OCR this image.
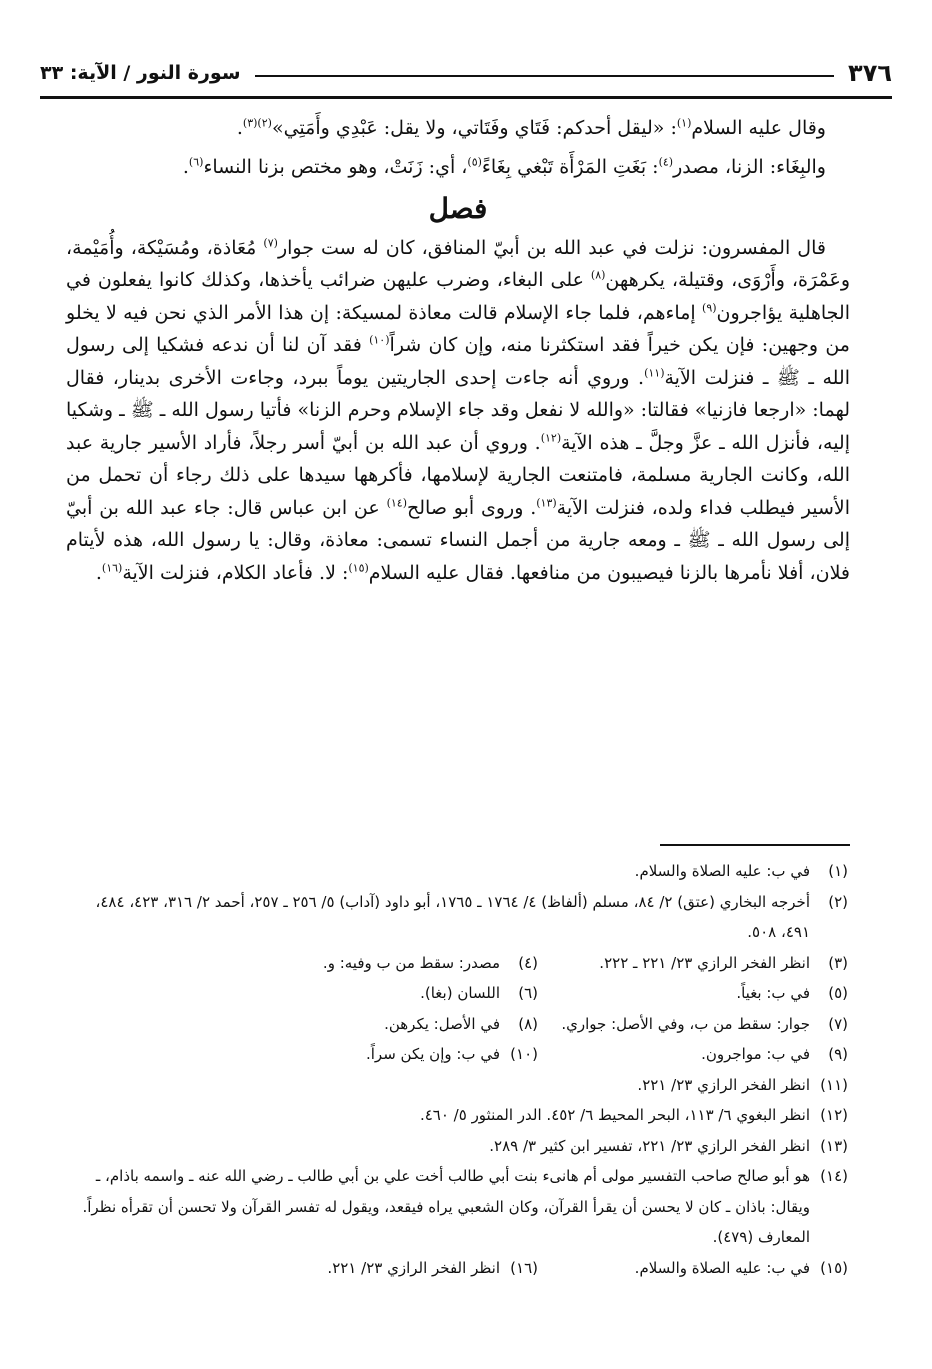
٣٧٦
سورة النور / الآية: ٣٣

وقال عليه السلام$^{(١)}$: «ليقل أحدكم: فَتَاي وفَتَاتي، ولا يقل: عَبْدِي وأَمَتِي»$^{(٢)(٣)}$.

والبِغَاء: الزنا، مصدر$^{(٤)}$: بَغَتِ المَرْأَة تَبْغي بِغَاءً$^{(٥)}$، أي: زَنَتْ، وهو مختص بزنا النساء$^{(٦)}$.

فصل

قال المفسرون: نزلت في عبد الله بن أبيّ المنافق، كان له ست جوار$^{(٧)}$ مُعَاذة، ومُسَيْكة، وأُمَيْمة، وعَمْرَة، وأَرْوَى، وقتيلة، يكرههن$^{(٨)}$ على البغاء، وضرب عليهن ضرائب يأخذها، وكذلك كانوا يفعلون في الجاهلية يؤاجرون$^{(٩)}$ إماءهم، فلما جاء الإسلام قالت معاذة لمسيكة: إن هذا الأمر الذي نحن فيه لا يخلو من وجهين: فإن يكن خيراً فقد استكثرنا منه، وإن كان شراً$^{(١٠)}$ فقد آن لنا أن ندعه فشكيا إلى رسول الله ـ ﷺ ـ فنزلت الآية$^{(١١)}$. وروي أنه جاءت إحدى الجاريتين يوماً ببرد، وجاءت الأخرى بدينار، فقال لهما: «ارجعا فازنيا» فقالتا: «والله لا نفعل وقد جاء الإسلام وحرم الزنا» فأتيا رسول الله ـ ﷺ ـ وشكيا إليه، فأنزل الله ـ عزَّ وجلَّ ـ هذه الآية$^{(١٢)}$. وروي أن عبد الله بن أبيّ أسر رجلاً، فأراد الأسير جارية عبد الله، وكانت الجارية مسلمة، فامتنعت الجارية لإسلامها، فأكرهها سيدها على ذلك رجاء أن تحمل من الأسير فيطلب فداء ولده، فنزلت الآية$^{(١٣)}$. وروى أبو صالح$^{(١٤)}$ عن ابن عباس قال: جاء عبد الله بن أبيّ إلى رسول الله ـ ﷺ ـ ومعه جارية من أجمل النساء تسمى: معاذة، وقال: يا رسول الله، هذه لأيتام فلان، أفلا نأمرها بالزنا فيصيبون من منافعها. فقال عليه السلام$^{(١٥)}$: لا. فأعاد الكلام، فنزلت الآية$^{(١٦)}$.

(١)
في ب: عليه الصلاة والسلام.
(٢)
أخرجه البخاري (عتق) ٢/ ٨٤، مسلم (ألفاظ) ٤/ ١٧٦٤ ـ ١٧٦٥، أبو داود (آداب) ٥/ ٢٥٦ ـ ٢٥٧، أحمد ٢/ ٣١٦، ٤٢٣، ٤٨٤، ٤٩١، ٥٠٨.
(٣)
انظر الفخر الرازي ٢٣/ ٢٢١ ـ ٢٢٢.
(٤)
مصدر: سقط من ب وفيه: و.
(٥)
في ب: بغياً.
(٦)
اللسان (بغا).
(٧)
جوار: سقط من ب، وفي الأصل: جواري.
(٨)
في الأصل: يكرهن.
(٩)
في ب: مواجرون.
(١٠)
في ب: وإن يكن سراً.
(١١)
انظر الفخر الرازي ٢٣/ ٢٢١.
(١٢)
انظر البغوي ٦/ ١١٣، البحر المحيط ٦/ ٤٥٢. الدر المنثور ٥/ ٤٦٠.
(١٣)
انظر الفخر الرازي ٢٣/ ٢٢١، تفسير ابن كثير ٣/ ٢٨٩.
(١٤)
هو أبو صالح صاحب التفسير مولى أم هانىء بنت أبي طالب أخت علي بن أبي طالب ـ رضي الله عنه ـ واسمه باذام، ـ ويقال: باذان ـ كان لا يحسن أن يقرأ القرآن، وكان الشعبي يراه فيقعد، ويقول له تفسر القرآن ولا تحسن أن تقرأه نظراً. المعارف (٤٧٩).
(١٥)
في ب: عليه الصلاة والسلام.
(١٦)
انظر الفخر الرازي ٢٣/ ٢٢١.
